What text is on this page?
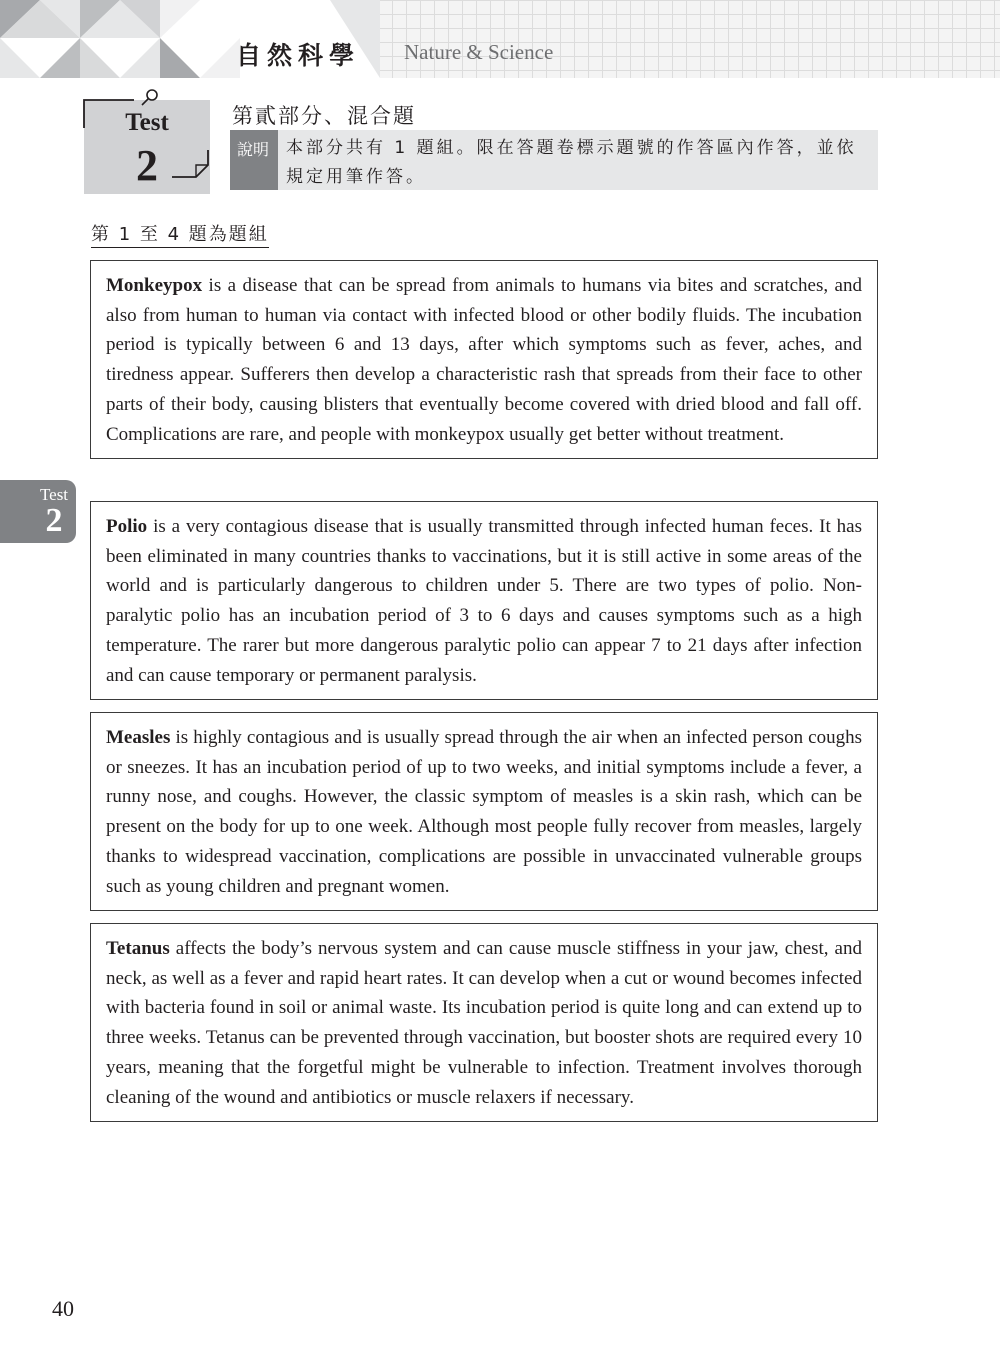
自然科學 Nature & Science
Test
2
第貳部分、混合題
說明 本部分共有 1 題組。限在答題卷標示題號的作答區內作答，並依規定用筆作答。
第 1 至 4 題為題組
Monkeypox is a disease that can be spread from animals to humans via bites and scratches, and also from human to human via contact with infected blood or other bodily fluids. The incubation period is typically between 6 and 13 days, after which symptoms such as fever, aches, and tiredness appear. Sufferers then develop a characteristic rash that spreads from their face to other parts of their body, causing blisters that eventually become covered with dried blood and fall off. Complications are rare, and people with monkeypox usually get better without treatment.
Polio is a very contagious disease that is usually transmitted through infected human feces. It has been eliminated in many countries thanks to vaccinations, but it is still active in some areas of the world and is particularly dangerous to children under 5. There are two types of polio. Non-paralytic polio has an incubation period of 3 to 6 days and causes symptoms such as a high temperature. The rarer but more dangerous paralytic polio can appear 7 to 21 days after infection and can cause temporary or permanent paralysis.
Measles is highly contagious and is usually spread through the air when an infected person coughs or sneezes. It has an incubation period of up to two weeks, and initial symptoms include a fever, a runny nose, and coughs. However, the classic symptom of measles is a skin rash, which can be present on the body for up to one week. Although most people fully recover from measles, largely thanks to widespread vaccination, complications are possible in unvaccinated vulnerable groups such as young children and pregnant women.
Tetanus affects the body’s nervous system and can cause muscle stiffness in your jaw, chest, and neck, as well as a fever and rapid heart rates. It can develop when a cut or wound becomes infected with bacteria found in soil or animal waste. Its incubation period is quite long and can extend up to three weeks. Tetanus can be prevented through vaccination, but booster shots are required every 10 years, meaning that the forgetful might be vulnerable to infection. Treatment involves thorough cleaning of the wound and antibiotics or muscle relaxers if necessary.
Test
2
40
